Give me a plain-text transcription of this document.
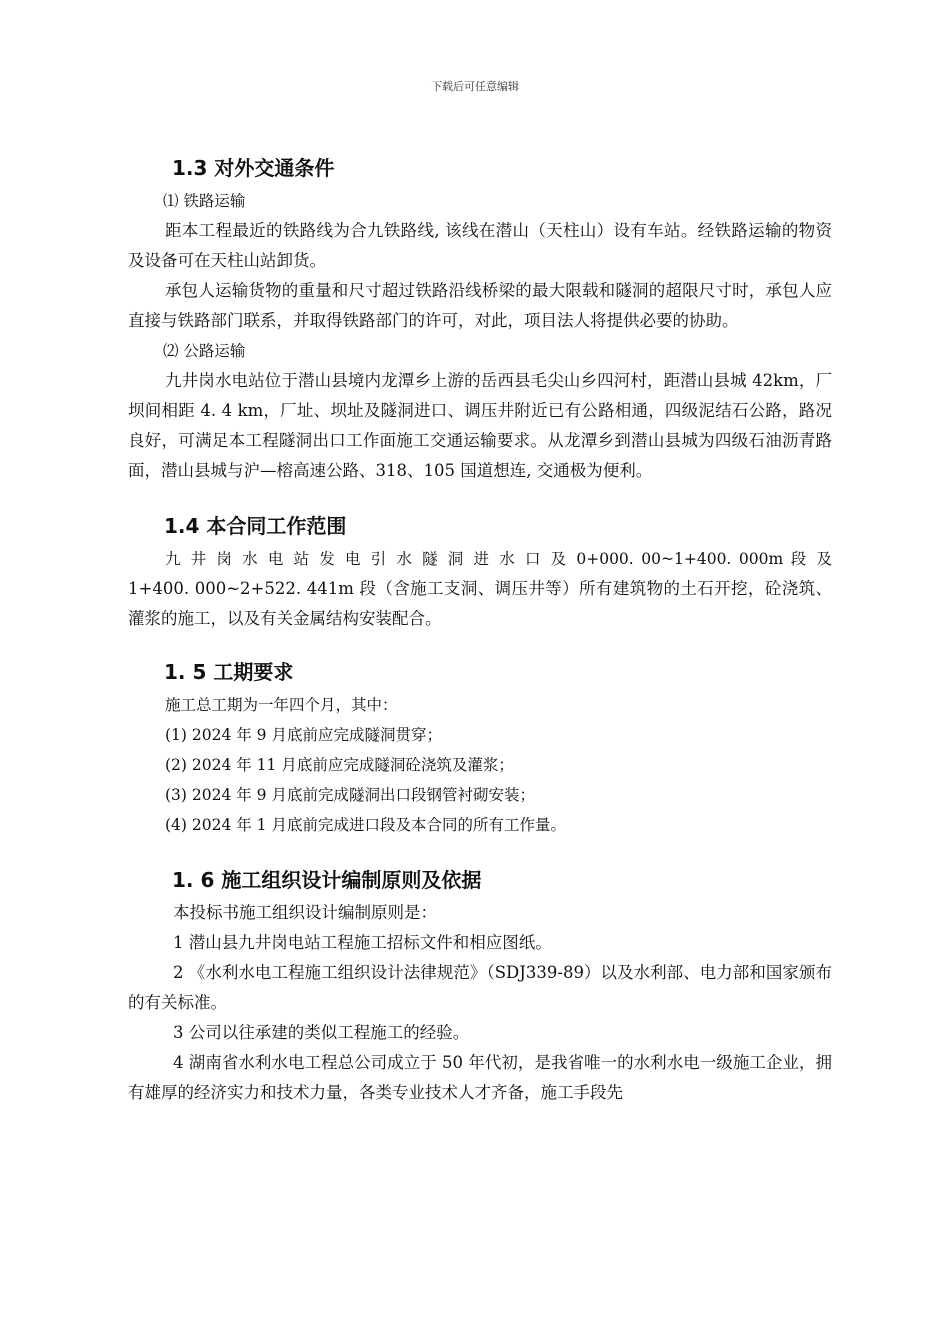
下载后可任意编辑
1.3 对外交通条件

⑴ 铁路运输

距本工程最近的铁路线为合九铁路线, 该线在潜山（天柱山）设有车站。经铁路运输的物资及设备可在天柱山站卸货。

承包人运输货物的重量和尺寸超过铁路沿线桥梁的最大限载和隧洞的超限尺寸时，承包人应直接与铁路部门联系，并取得铁路部门的许可，对此，项目法人将提供必要的协助。

⑵ 公路运输

九井岗水电站位于潜山县境内龙潭乡上游的岳西县毛尖山乡四河村，距潜山县城 42km，厂坝间相距 4. 4 km，厂址、坝址及隧洞进口、调压井附近已有公路相通，四级泥结石公路，路况良好，可满足本工程隧洞出口工作面施工交通运输要求。从龙潭乡到潜山县城为四级石油沥青路面，潜山县城与沪—榕高速公路、318、105 国道想连, 交通极为便利。

1.4 本合同工作范围

九 井 岗 水 电 站 发 电 引 水 隧 洞 进 水 口 及 0+000. 00~1+400. 000m 段 及

1+400. 000~2+522. 441m 段（含施工支洞、调压井等）所有建筑物的土石开挖，砼浇筑、灌浆的施工，以及有关金属结构安装配合。

1. 5 工期要求

施工总工期为一年四个月，其中：

(1) 2024 年 9 月底前应完成隧洞贯穿；

(2) 2024 年 11 月底前应完成隧洞砼浇筑及灌浆；

(3) 2024 年 9 月底前完成隧洞出口段钢管衬砌安装；

(4) 2024 年 1 月底前完成进口段及本合同的所有工作量。

1. 6 施工组织设计编制原则及依据

本投标书施工组织设计编制原则是：

1 潜山县九井岗电站工程施工招标文件和相应图纸。

2 《水利水电工程施工组织设计法律规范》（SDJ339-89）以及水利部、电力部和国家颁布的有关标准。

3 公司以往承建的类似工程施工的经验。

4 湖南省水利水电工程总公司成立于 50 年代初，是我省唯一的水利水电一级施工企业，拥有雄厚的经济实力和技术力量，各类专业技术人才齐备，施工手段先
